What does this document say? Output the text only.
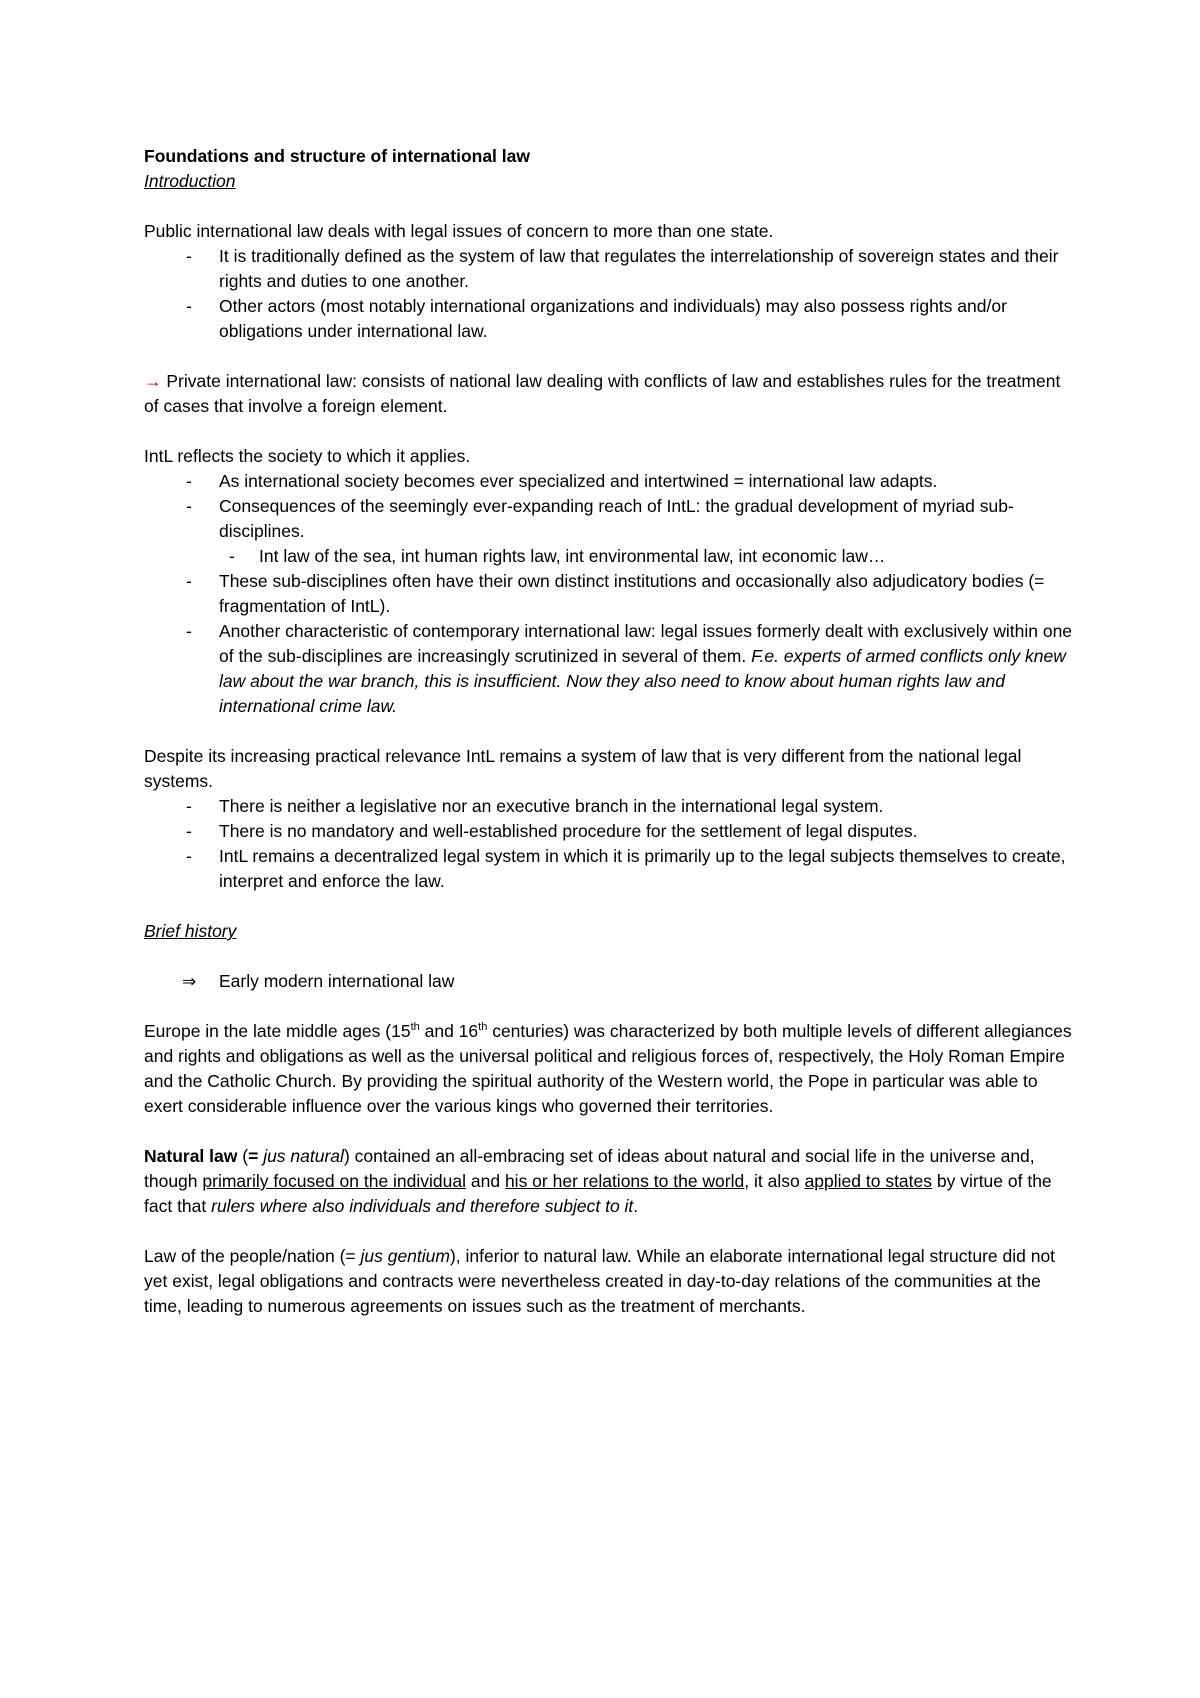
Foundations and structure of international law

Introduction

Public international law deals with legal issues of concern to more than one state.

- It is traditionally defined as the system of law that regulates the interrelationship of sovereign states and their rights and duties to one another.
- Other actors (most notably international organizations and individuals) may also possess rights and/or obligations under international law.

→ Private international law: consists of national law dealing with conflicts of law and establishes rules for the treatment of cases that involve a foreign element.

IntL reflects the society to which it applies.

- As international society becomes ever specialized and intertwined = international law adapts.
- Consequences of the seemingly ever-expanding reach of IntL: the gradual development of myriad sub-disciplines.
- Int law of the sea, int human rights law, int environmental law, int economic law…
- These sub-disciplines often have their own distinct institutions and occasionally also adjudicatory bodies (= fragmentation of IntL).
- Another characteristic of contemporary international law: legal issues formerly dealt with exclusively within one of the sub-disciplines are increasingly scrutinized in several of them. F.e. experts of armed conflicts only knew law about the war branch, this is insufficient. Now they also need to know about human rights law and international crime law.

Despite its increasing practical relevance IntL remains a system of law that is very different from the national legal systems.

- There is neither a legislative nor an executive branch in the international legal system.
- There is no mandatory and well-established procedure for the settlement of legal disputes.
- IntL remains a decentralized legal system in which it is primarily up to the legal subjects themselves to create, interpret and enforce the law.

Brief history

⇒ Early modern international law

Europe in the late middle ages (15th and 16th centuries) was characterized by both multiple levels of different allegiances and rights and obligations as well as the universal political and religious forces of, respectively, the Holy Roman Empire and the Catholic Church. By providing the spiritual authority of the Western world, the Pope in particular was able to exert considerable influence over the various kings who governed their territories.

Natural law (= jus natural) contained an all-embracing set of ideas about natural and social life in the universe and, though primarily focused on the individual and his or her relations to the world, it also applied to states by virtue of the fact that rulers where also individuals and therefore subject to it.

Law of the people/nation (= jus gentium), inferior to natural law. While an elaborate international legal structure did not yet exist, legal obligations and contracts were nevertheless created in day-to-day relations of the communities at the time, leading to numerous agreements on issues such as the treatment of merchants.
